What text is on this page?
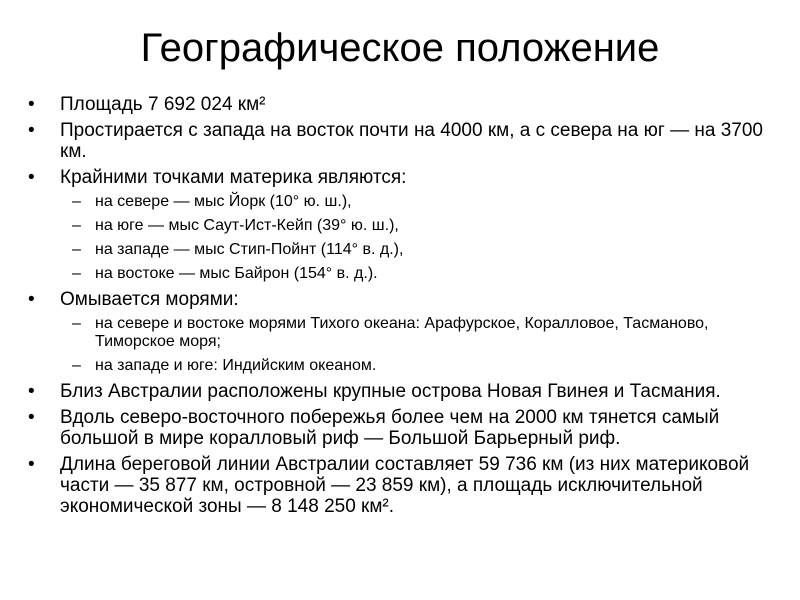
Географическое положение
•	Площадь 7 692 024 км²
•	Простирается с запада на восток почти на 4000 км, а с севера на юг — на 3700 км.
•	Крайними точками материка являются:
– на севере — мыс Йорк (10° ю. ш.),
– на юге — мыс Саут-Ист-Кейп (39° ю. ш.),
– на западе — мыс Стип-Пойнт (114° в. д.),
– на востоке — мыс Байрон (154° в. д.).
•	Омывается морями:
– на севере и востоке морями Тихого океана: Арафурское, Коралловое, Тасманово, Тиморское моря;
– на западе и юге: Индийским океаном.
•	Близ Австралии расположены крупные острова Новая Гвинея и Тасмания.
•	Вдоль северо-восточного побережья более чем на 2000 км тянется самый большой в мире коралловый риф — Большой Барьерный риф.
•	Длина береговой линии Австралии составляет 59 736 км (из них материковой части — 35 877 км, островной — 23 859 км), а площадь исключительной экономической зоны — 8 148 250 км².
